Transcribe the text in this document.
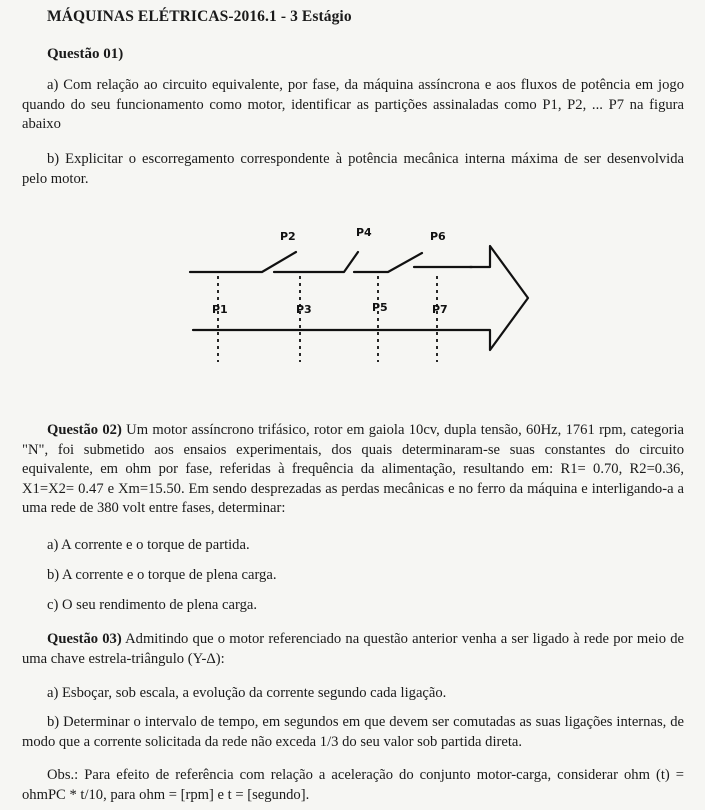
MÁQUINAS ELÉTRICAS-2016.1 - 3 Estágio
Questão 01)
a) Com relação ao circuito equivalente, por fase, da máquina assíncrona e aos fluxos de potência em jogo quando do seu funcionamento como motor, identificar as partições assinaladas como P1, P2, ... P7 na figura abaixo
b) Explicitar o escorregamento correspondente à potência mecânica interna máxima de ser desenvolvida pelo motor.
P2	P4	P6
P1	P3	P5	P7
Questão 02) Um motor assíncrono trifásico, rotor em gaiola 10cv, dupla tensão, 60Hz, 1761 rpm, categoria "N", foi submetido aos ensaios experimentais, dos quais determinaram-se suas constantes do circuito equivalente, em ohm por fase, referidas à frequência da alimentação, resultando em: R1= 0.70, R2=0.36, X1=X2= 0.47 e Xm=15.50. Em sendo desprezadas as perdas mecânicas e no ferro da máquina e interligando-a a uma rede de 380 volt entre fases, determinar:
a) A corrente e o torque de partida.
b) A corrente e o torque de plena carga.
c) O seu rendimento de plena carga.
Questão 03) Admitindo que o motor referenciado na questão anterior venha a ser ligado à rede por meio de uma chave estrela-triângulo (Y-Δ):
a) Esboçar, sob escala, a evolução da corrente segundo cada ligação.
b) Determinar o intervalo de tempo, em segundos em que devem ser comutadas as suas ligações internas, de modo que a corrente solicitada da rede não exceda 1/3 do seu valor sob partida direta.
Obs.: Para efeito de referência com relação a aceleração do conjunto motor-carga, considerar ohm (t) = ohmPC * t/10, para ohm = [rpm] e t = [segundo].
